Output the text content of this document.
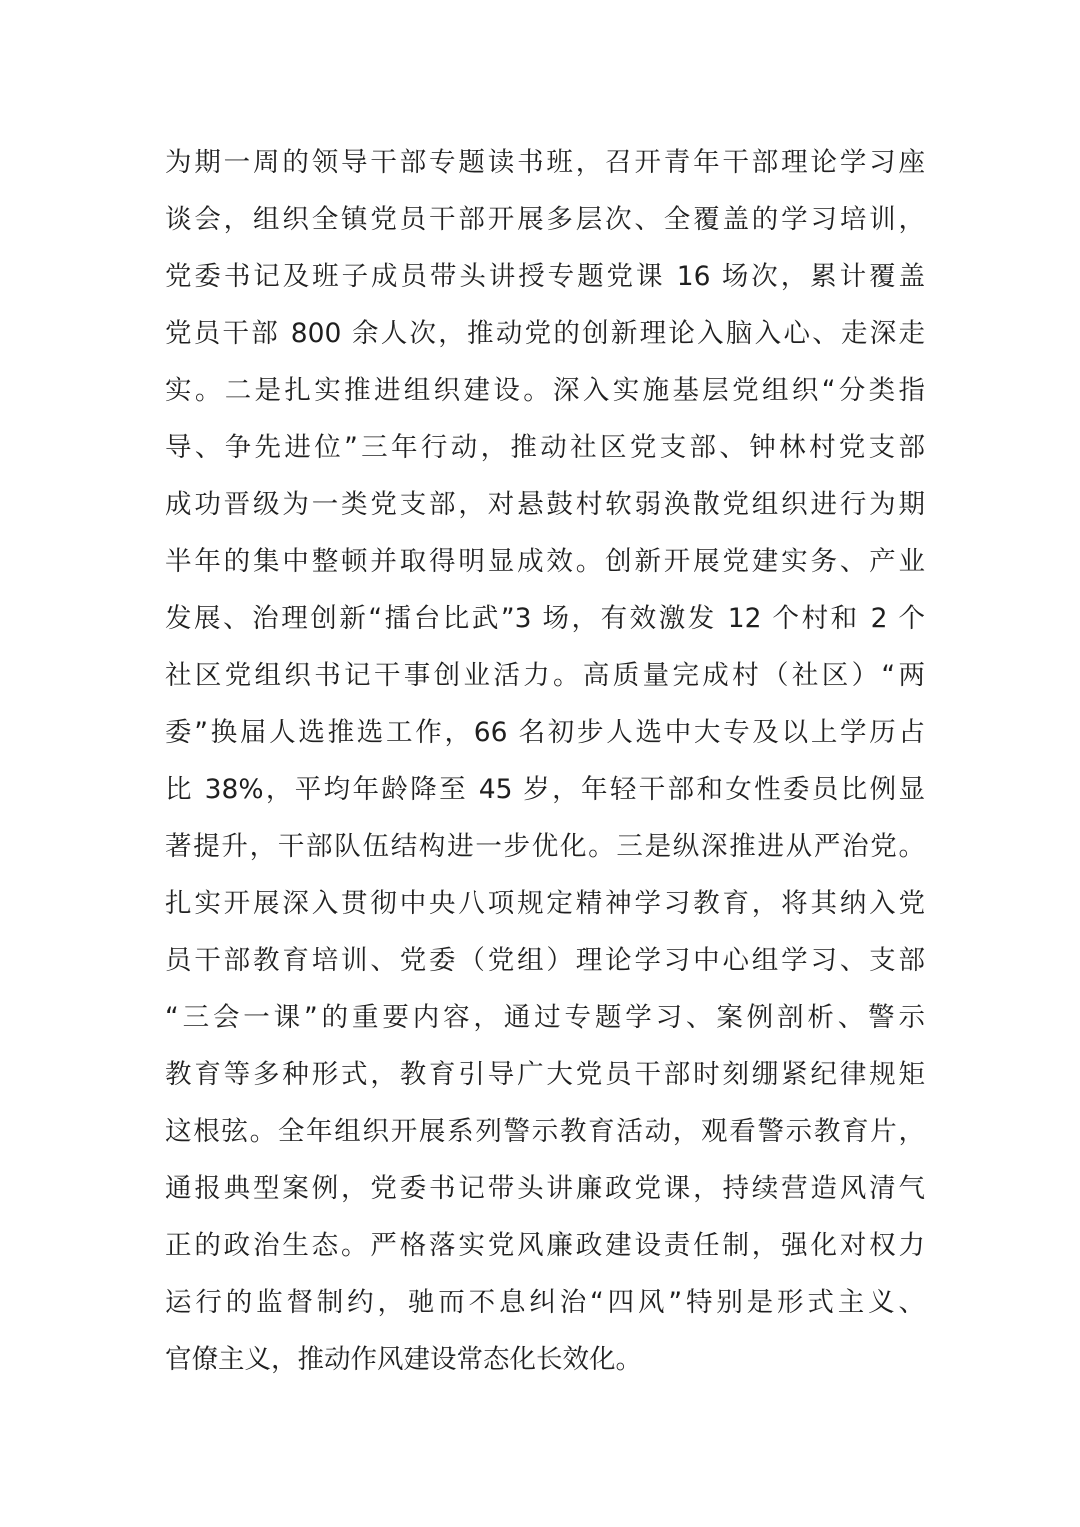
为期一周的领导干部专题读书班，召开青年干部理论学习座
谈会，组织全镇党员干部开展多层次、全覆盖的学习培训，
党委书记及班子成员带头讲授专题党课 16 场次，累计覆盖
党员干部 800 余人次，推动党的创新理论入脑入心、走深走
实。二是扎实推进组织建设。深入实施基层党组织“分类指
导、争先进位”三年行动，推动社区党支部、钟林村党支部
成功晋级为一类党支部，对悬鼓村软弱涣散党组织进行为期
半年的集中整顿并取得明显成效。创新开展党建实务、产业
发展、治理创新“擂台比武”3 场，有效激发 12 个村和 2 个
社区党组织书记干事创业活力。高质量完成村（社区）“两
委”换届人选推选工作，66 名初步人选中大专及以上学历占
比 38%，平均年龄降至 45 岁，年轻干部和女性委员比例显
著提升，干部队伍结构进一步优化。三是纵深推进从严治党。
扎实开展深入贯彻中央八项规定精神学习教育，将其纳入党
员干部教育培训、党委（党组）理论学习中心组学习、支部
“三会一课”的重要内容，通过专题学习、案例剖析、警示
教育等多种形式，教育引导广大党员干部时刻绷紧纪律规矩
这根弦。全年组织开展系列警示教育活动，观看警示教育片，
通报典型案例，党委书记带头讲廉政党课，持续营造风清气
正的政治生态。严格落实党风廉政建设责任制，强化对权力
运行的监督制约，驰而不息纠治“四风”特别是形式主义、
官僚主义，推动作风建设常态化长效化。
